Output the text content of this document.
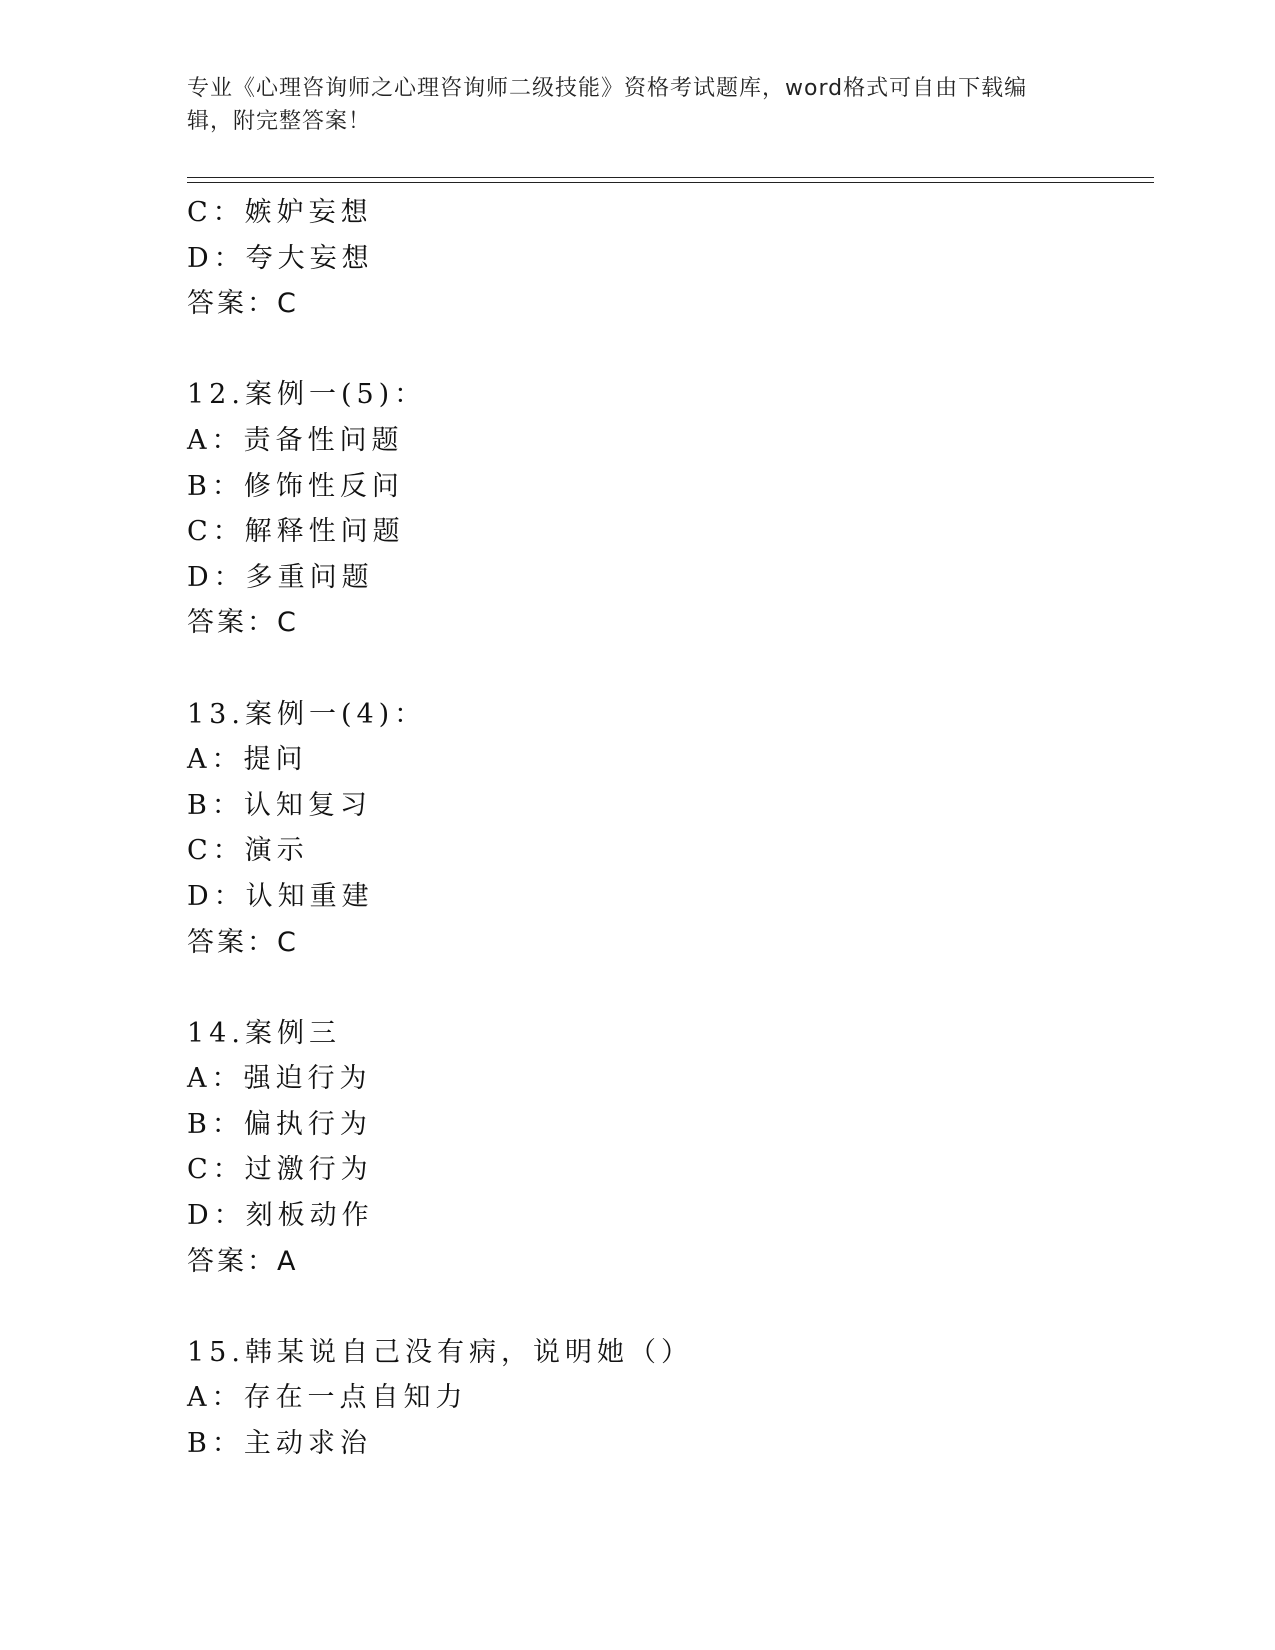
专业《心理咨询师之心理咨询师二级技能》资格考试题库，word格式可自由下载编辑，附完整答案！
C：嫉妒妄想
D：夸大妄想
答案：C
12.案例一(5)：
A：责备性问题
B：修饰性反问
C：解释性问题
D：多重问题
答案：C
13.案例一(4)：
A：提问
B：认知复习
C：演示
D：认知重建
答案：C
14.案例三
A：强迫行为
B：偏执行为
C：过激行为
D：刻板动作
答案：A
15.韩某说自己没有病，说明她（）
A：存在一点自知力
B：主动求治
